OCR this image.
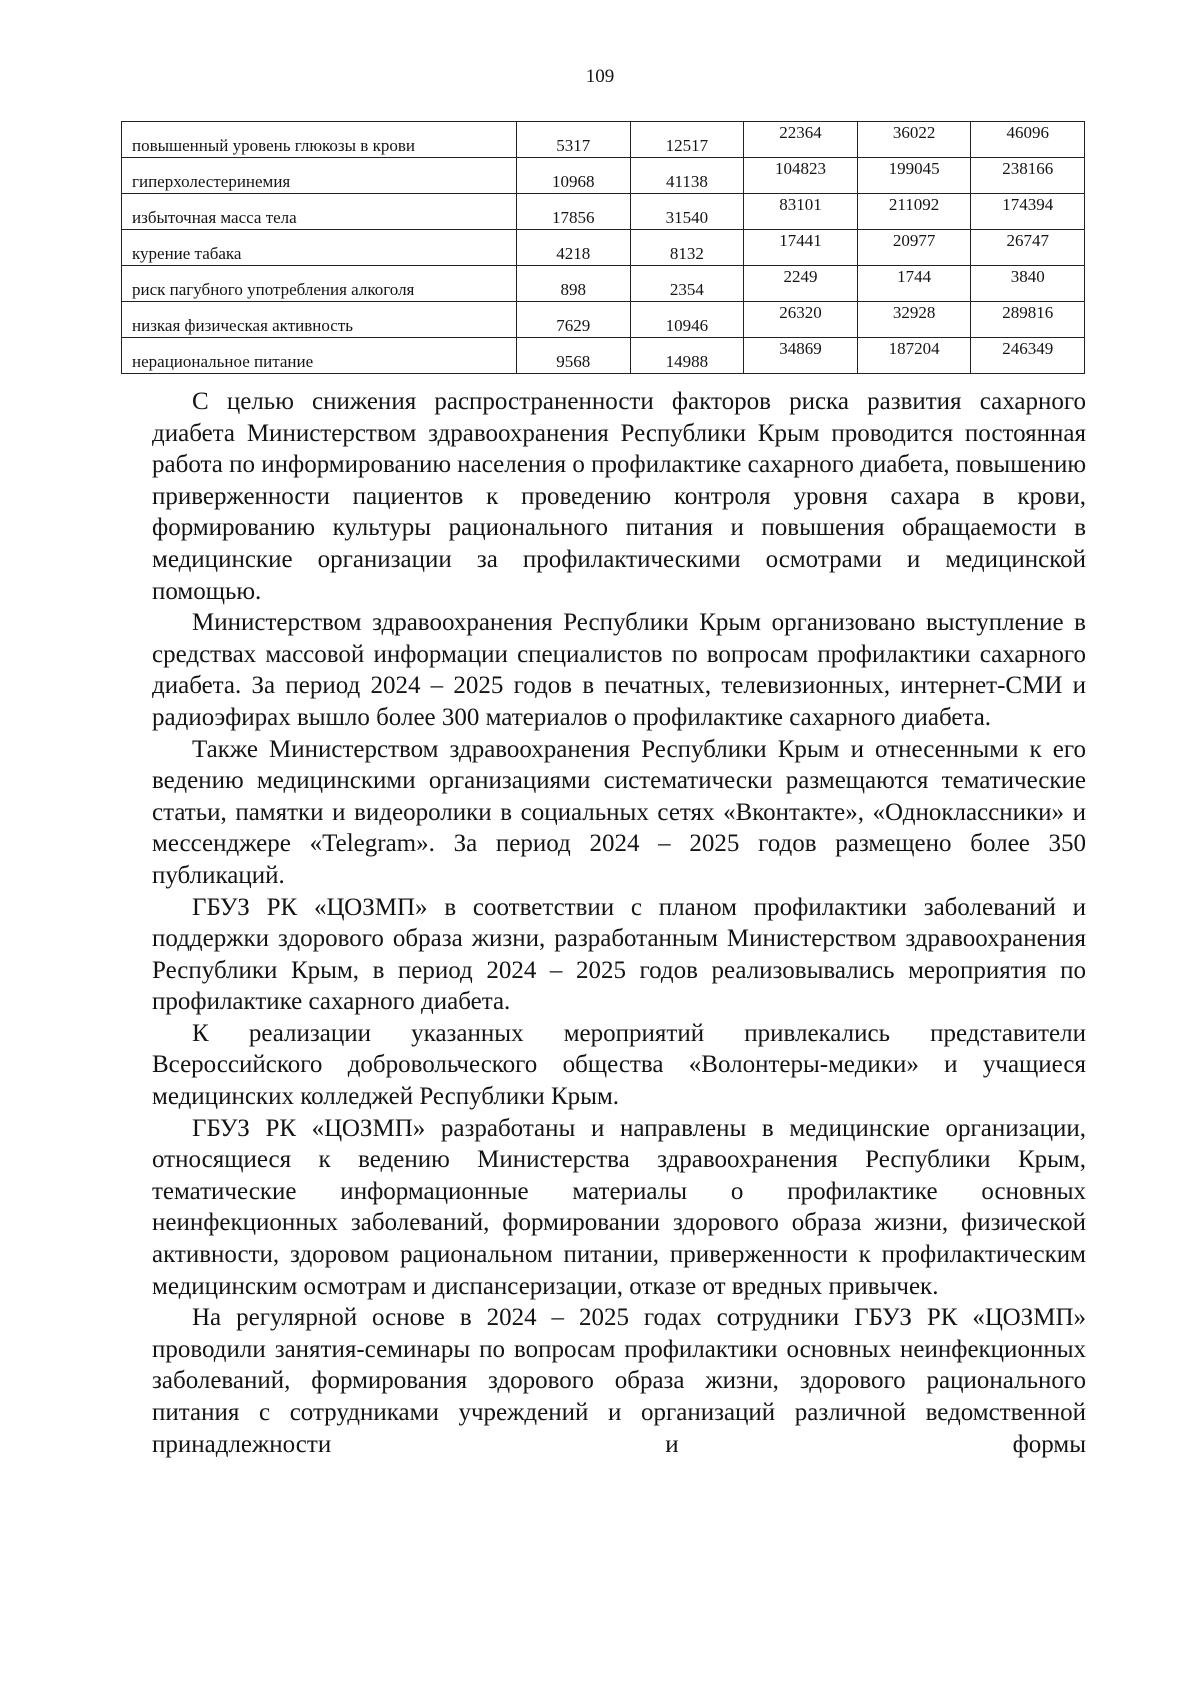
109
повышенный уровень глюкозы в крови	5317	12517	22364	36022	46096
гиперхолестеринемия	10968	41138	104823	199045	238166
избыточная масса тела	17856	31540	83101	211092	174394
курение табака	4218	8132	17441	20977	26747
риск пагубного употребления алкоголя	898	2354	2249	1744	3840
низкая физическая активность	7629	10946	26320	32928	289816
нерациональное питание	9568	14988	34869	187204	246349

С целью снижения распространенности факторов риска развития сахарного диабета Министерством здравоохранения Республики Крым проводится постоянная работа по информированию населения о профилактике сахарного диабета, повышению приверженности пациентов к проведению контроля уровня сахара в крови, формированию культуры рационального питания и повышения обращаемости в медицинские организации за профилактическими осмотрами и медицинской помощью.

Министерством здравоохранения Республики Крым организовано выступление в средствах массовой информации специалистов по вопросам профилактики сахарного диабета. За период 2024 – 2025 годов в печатных, телевизионных, интернет-СМИ и радиоэфирах вышло более 300 материалов о профилактике сахарного диабета.

Также Министерством здравоохранения Республики Крым и отнесенными к его ведению медицинскими организациями систематически размещаются тематические статьи, памятки и видеоролики в социальных сетях «Вконтакте», «Одноклассники» и мессенджере «Telegram». За период 2024 – 2025 годов размещено более 350 публикаций.

ГБУЗ РК «ЦОЗМП» в соответствии с планом профилактики заболеваний и поддержки здорового образа жизни, разработанным Министерством здравоохранения Республики Крым, в период 2024 – 2025 годов реализовывались мероприятия по профилактике сахарного диабета.

К реализации указанных мероприятий привлекались представители Всероссийского добровольческого общества «Волонтеры-медики» и учащиеся медицинских колледжей Республики Крым.

ГБУЗ РК «ЦОЗМП» разработаны и направлены в медицинские организации, относящиеся к ведению Министерства здравоохранения Республики Крым, тематические информационные материалы о профилактике основных неинфекционных заболеваний, формировании здорового образа жизни, физической активности, здоровом рациональном питании, приверженности к профилактическим медицинским осмотрам и диспансеризации, отказе от вредных привычек.

На регулярной основе в 2024 – 2025 годах сотрудники ГБУЗ РК «ЦОЗМП» проводили занятия-семинары по вопросам профилактики основных неинфекционных заболеваний, формирования здорового образа жизни, здорового рационального питания с сотрудниками учреждений и организаций различной ведомственной принадлежности и формы
